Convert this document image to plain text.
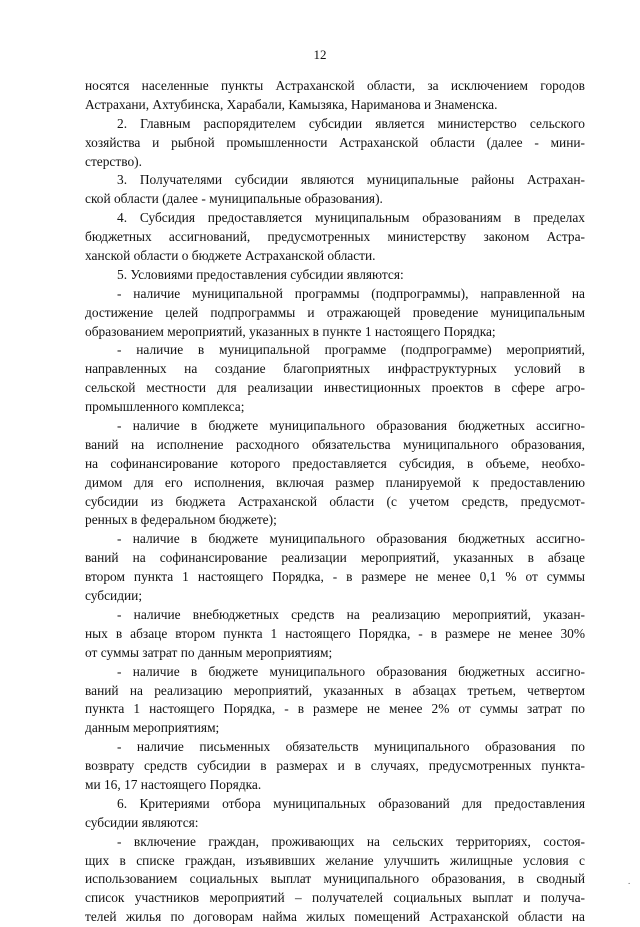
12
носятся населенные пункты Астраханской области, за исключением городов
Астрахани, Ахтубинска, Харабали, Камызяка, Нариманова и Знаменска.
2. Главным распорядителем субсидии является министерство сельского
хозяйства и рыбной промышленности Астраханской области (далее - мини-
стерство).
3. Получателями субсидии являются муниципальные районы Астрахан-
ской области (далее - муниципальные образования).
4. Субсидия предоставляется муниципальным образованиям в пределах
бюджетных ассигнований, предусмотренных министерству законом Астра-
ханской области о бюджете Астраханской области.
5. Условиями предоставления субсидии являются:
- наличие муниципальной программы (подпрограммы), направленной на
достижение целей подпрограммы и отражающей проведение муниципальным
образованием мероприятий, указанных в пункте 1 настоящего Порядка;
- наличие в муниципальной программе (подпрограмме) мероприятий,
направленных на создание благоприятных инфраструктурных условий в
сельской местности для реализации инвестиционных проектов в сфере агро-
промышленного комплекса;
- наличие в бюджете муниципального образования бюджетных ассигно-
ваний на исполнение расходного обязательства муниципального образования,
на софинансирование которого предоставляется субсидия, в объеме, необхо-
димом для его исполнения, включая размер планируемой к предоставлению
субсидии из бюджета Астраханской области (с учетом средств, предусмот-
ренных в федеральном бюджете);
- наличие в бюджете муниципального образования бюджетных ассигно-
ваний на софинансирование реализации мероприятий, указанных в абзаце
втором пункта 1 настоящего Порядка, - в размере не менее 0,1 % от суммы
субсидии;
- наличие внебюджетных средств на реализацию мероприятий, указан-
ных в абзаце втором пункта 1 настоящего Порядка, - в размере не менее 30%
от суммы затрат по данным мероприятиям;
- наличие в бюджете муниципального образования бюджетных ассигно-
ваний на реализацию мероприятий, указанных в абзацах третьем, четвертом
пункта 1 настоящего Порядка, - в размере не менее 2% от суммы затрат по
данным мероприятиям;
- наличие письменных обязательств муниципального образования по
возврату средств субсидии в размерах и в случаях, предусмотренных пункта-
ми 16, 17 настоящего Порядка.
6. Критериями отбора муниципальных образований для предоставления
субсидии являются:
- включение граждан, проживающих на сельских территориях, состоя-
щих в списке граждан, изъявивших желание улучшить жилищные условия с
использованием социальных выплат муниципального образования, в сводный
список участников мероприятий – получателей социальных выплат и получа-
телей жилья по договорам найма жилых помещений Астраханской области на
.
